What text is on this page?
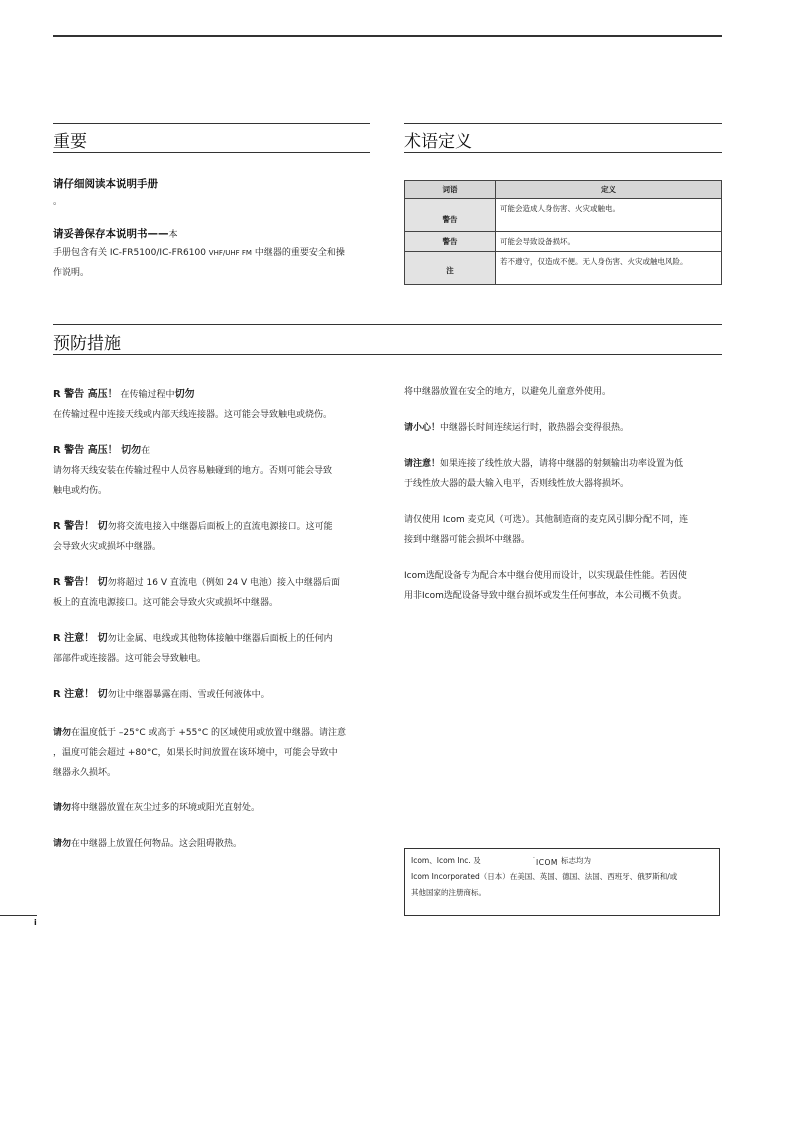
重要
请仔细阅读本说明手册
。
请妥善保存本说明书——本
手册包含有关 IC-FR5100/IC-FR6100 VHF/UHF FM 中继器的重要安全和操
作说明。
术语定义
词语	定义
警告	可能会造成人身伤害、火灾或触电。
警告	可能会导致设备损坏。
注	若不遵守，仅造成不便。无人身伤害、火灾或触电风险。
预防措施
R 警告 高压！ 在传输过程中切勿
在传输过程中连接天线或内部天线连接器。这可能会导致触电或烧伤。
R 警告 高压！ 切勿在
请勿将天线安装在传输过程中人员容易触碰到的地方。否则可能会导致
触电或灼伤。
R 警告！ 切勿将交流电接入中继器后面板上的直流电源接口。这可能
会导致火灾或损坏中继器。
R 警告！ 切勿将超过 16 V 直流电（例如 24 V 电池）接入中继器后面
板上的直流电源接口。这可能会导致火灾或损坏中继器。
R 注意！ 切勿让金属、电线或其他物体接触中继器后面板上的任何内
部部件或连接器。这可能会导致触电。
R 注意！ 切勿让中继器暴露在雨、雪或任何液体中。
请勿在温度低于 –25°C 或高于 +55°C 的区域使用或放置中继器。请注意
，温度可能会超过 +80°C，如果长时间放置在该环境中，可能会导致中
继器永久损坏。
请勿将中继器放置在灰尘过多的环境或阳光直射处。
请勿在中继器上放置任何物品。这会阻碍散热。
将中继器放置在安全的地方，以避免儿童意外使用。
请小心！中继器长时间连续运行时，散热器会变得很热。
请注意！如果连接了线性放大器，请将中继器的射频输出功率设置为低
于线性放大器的最大输入电平，否则线性放大器将损坏。
请仅使用 Icom 麦克风（可选）。其他制造商的麦克风引脚分配不同，连
接到中继器可能会损坏中继器。
Icom选配设备专为配合本中继台使用而设计，以实现最佳性能。若因使
用非Icom选配设备导致中继台损坏或发生任何事故，本公司概不负责。
Icom、Icom Inc. 及	· ICOM 标志均为
Icom Incorporated（日本）在美国、英国、德国、法国、西班牙、俄罗斯和/或
其他国家的注册商标。
i
